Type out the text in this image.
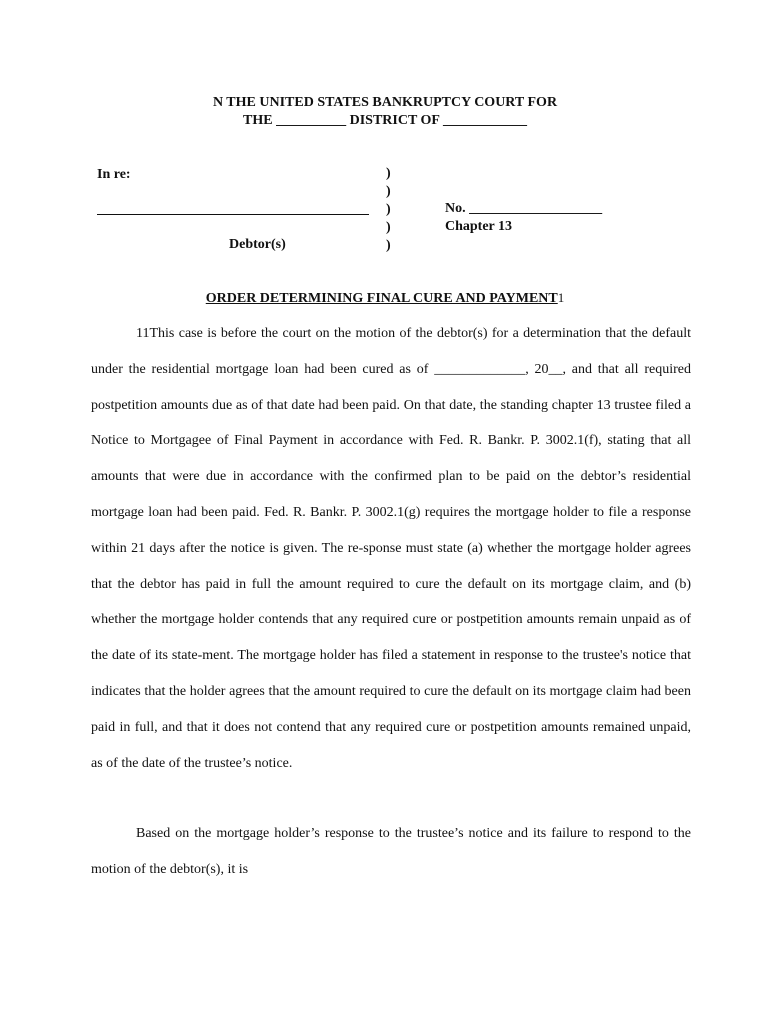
N THE UNITED STATES BANKRUPTCY COURT FOR
THE __________ DISTRICT OF ____________
In re:
Debtor(s)
)
)
)
)
)
No. ___________________
Chapter 13
ORDER DETERMINING FINAL CURE AND PAYMENT1

11This case is before the court on the motion of the debtor(s) for a determination that the default under the residential mortgage loan had been cured as of _____________, 20__, and that all required postpetition amounts due as of that date had been paid. On that date, the standing chapter 13 trustee filed a Notice to Mortgagee of Final Payment in accordance with Fed. R. Bankr. P. 3002.1(f), stating that all amounts that were due in accordance with the confirmed plan to be paid on the debtor’s residential mortgage loan had been paid. Fed. R. Bankr. P. 3002.1(g) requires the mortgage holder to file a response within 21 days after the notice is given. The re-sponse must state (a) whether the mortgage holder agrees that the debtor has paid in full the amount required to cure the default on its mortgage claim, and (b) whether the mortgage holder contends that any required cure or postpetition amounts remain unpaid as of the date of its state-ment. The mortgage holder has filed a statement in response to the trustee's notice that indicates that the holder agrees that the amount required to cure the default on its mortgage claim had been paid in full, and that it does not contend that any required cure or postpetition amounts remained unpaid, as of the date of the trustee’s notice.

Based on the mortgage holder’s response to the trustee’s notice and its failure to respond to the motion of the debtor(s), it is
